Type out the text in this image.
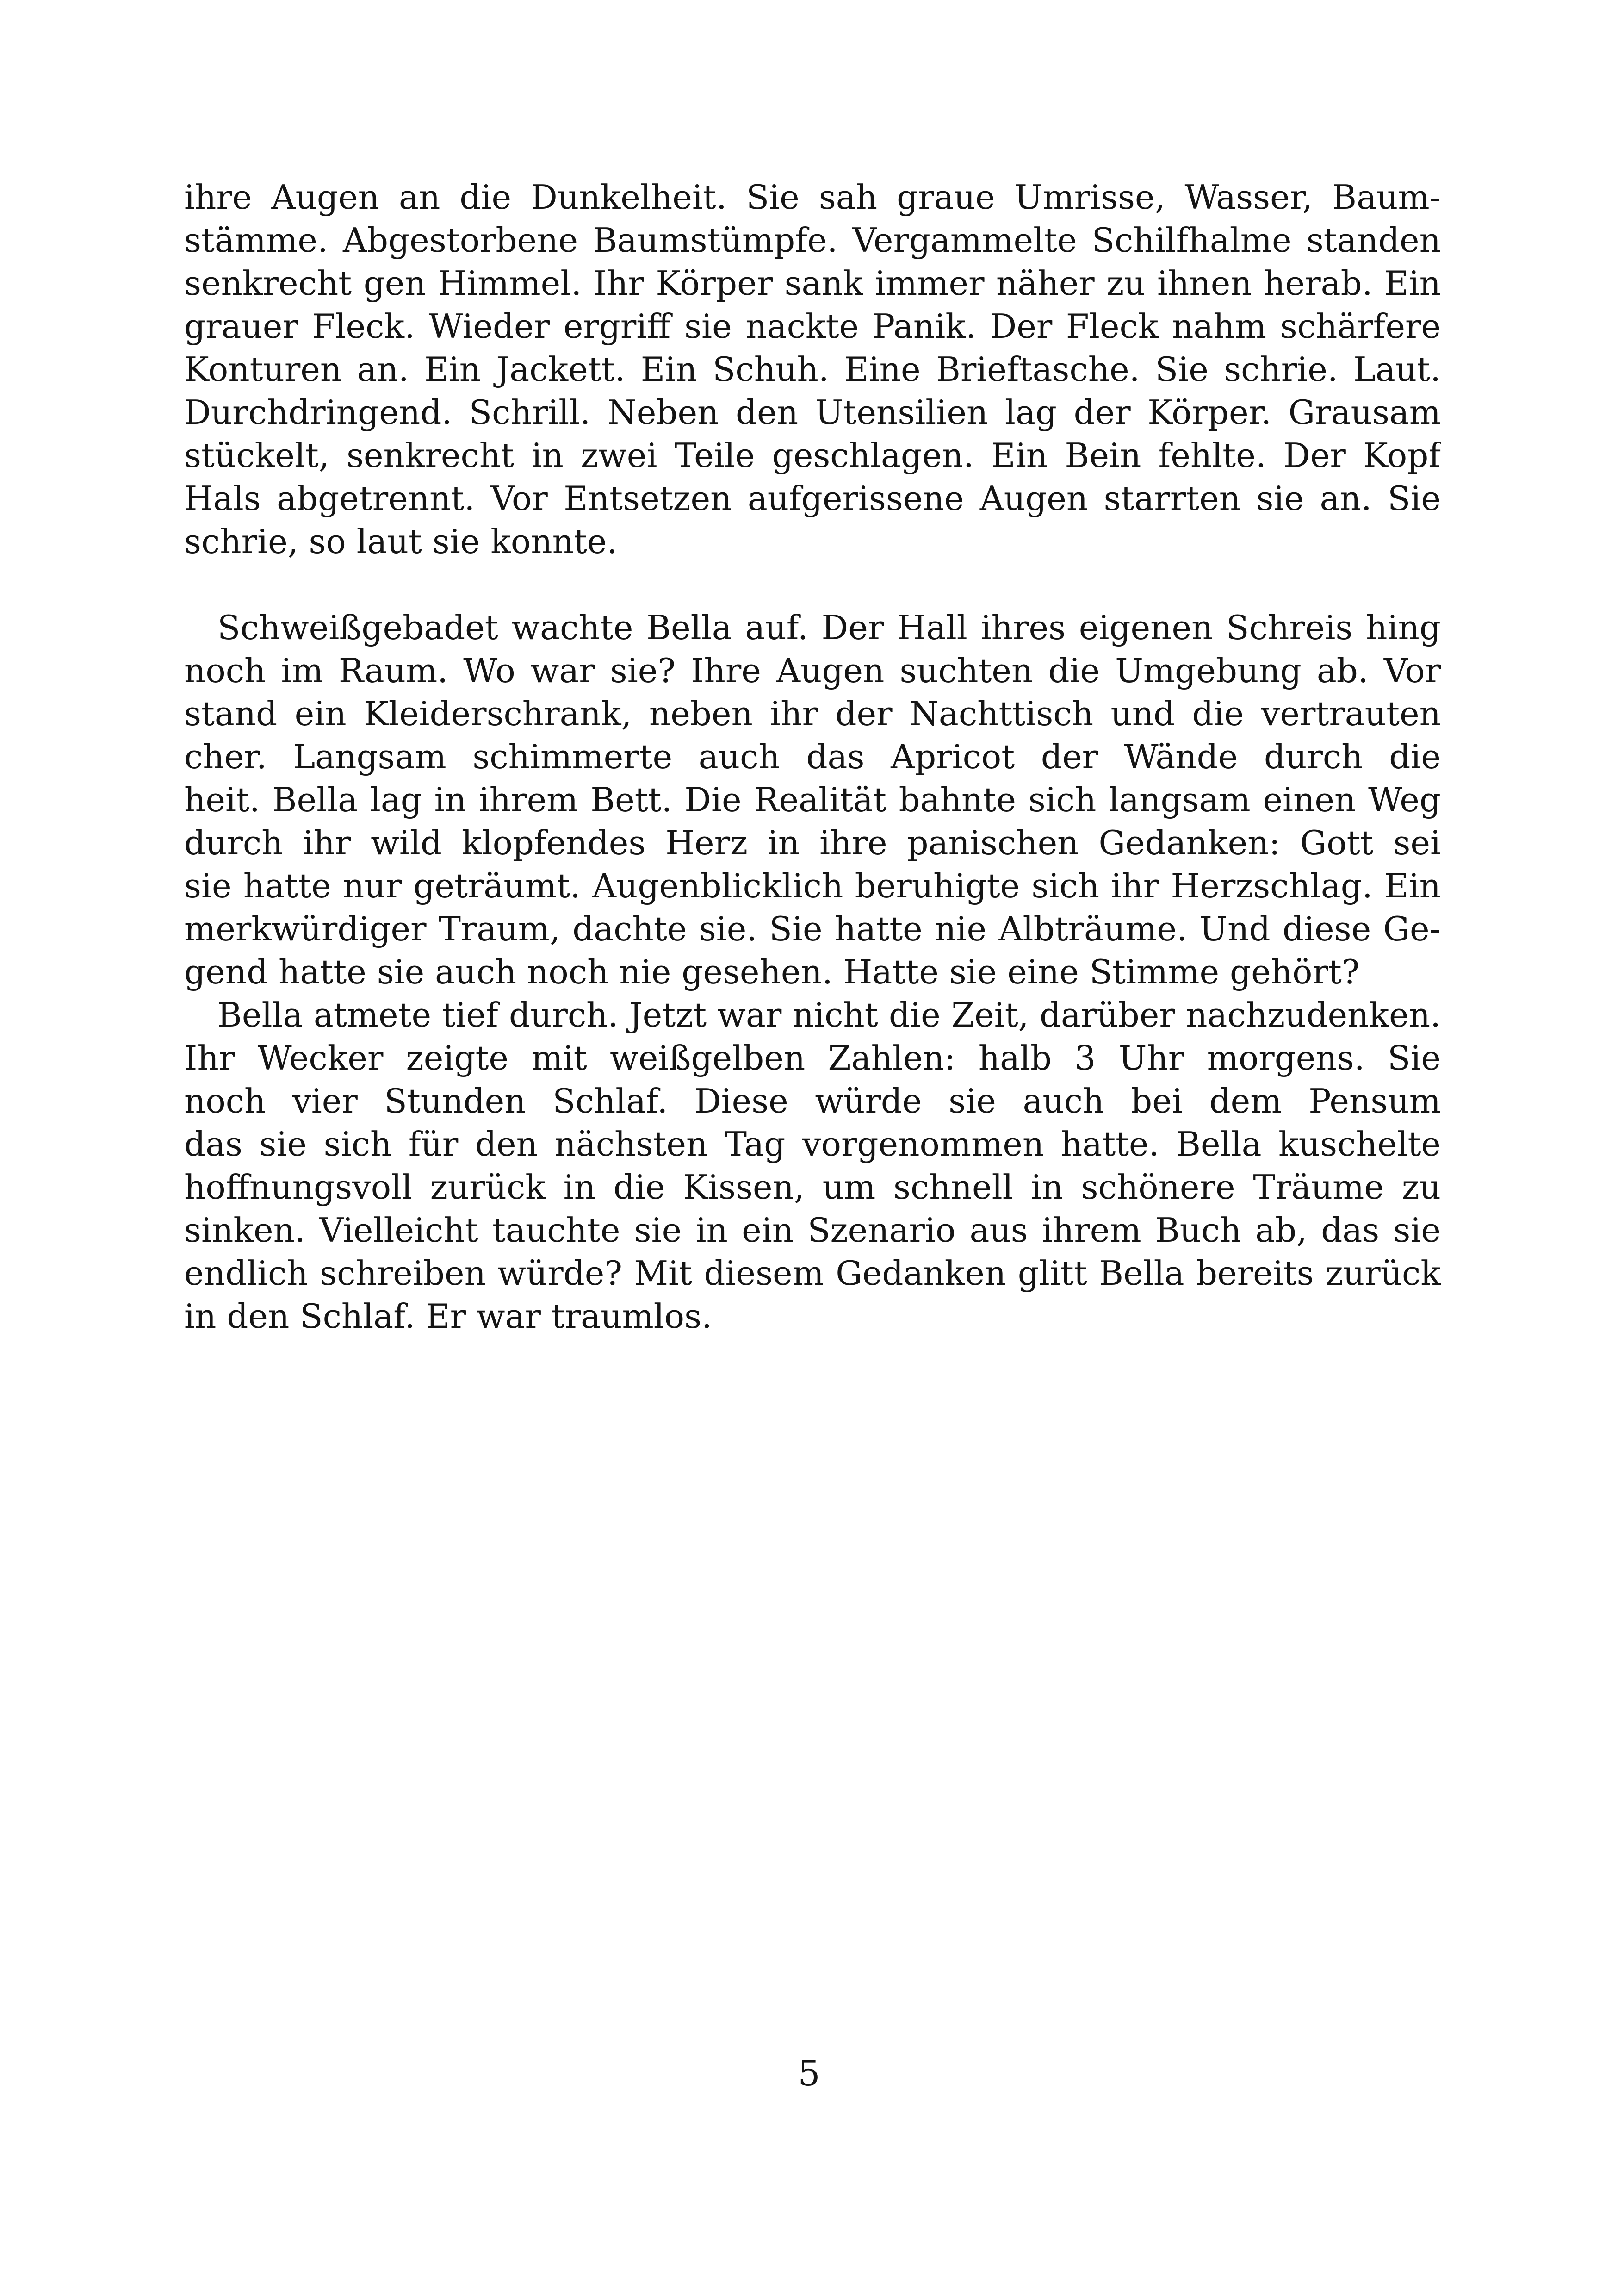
ihre Augen an die Dunkelheit. Sie sah graue Umrisse, Wasser, Baum-
stämme. Abgestorbene Baumstümpfe. Vergammelte Schilfhalme standen
senkrecht gen Himmel. Ihr Körper sank immer näher zu ihnen herab. Ein
grauer Fleck. Wieder ergriff sie nackte Panik. Der Fleck nahm schärfere
Konturen an. Ein Jackett. Ein Schuh. Eine Brieftasche. Sie schrie. Laut.
Durchdringend. Schrill. Neben den Utensilien lag der Körper. Grausam
stückelt, senkrecht in zwei Teile geschlagen. Ein Bein fehlte. Der Kopf
Hals abgetrennt. Vor Entsetzen aufgerissene Augen starrten sie an. Sie
schrie, so laut sie konnte.
Schweißgebadet wachte Bella auf. Der Hall ihres eigenen Schreis hing
noch im Raum. Wo war sie? Ihre Augen suchten die Umgebung ab. Vor
stand ein Kleiderschrank, neben ihr der Nachttisch und die vertrauten
cher. Langsam schimmerte auch das Apricot der Wände durch die
heit. Bella lag in ihrem Bett. Die Realität bahnte sich langsam einen Weg
durch ihr wild klopfendes Herz in ihre panischen Gedanken: Gott sei
sie hatte nur geträumt. Augenblicklich beruhigte sich ihr Herzschlag. Ein
merkwürdiger Traum, dachte sie. Sie hatte nie Albträume. Und diese Ge-
gend hatte sie auch noch nie gesehen. Hatte sie eine Stimme gehört?
Bella atmete tief durch. Jetzt war nicht die Zeit, darüber nachzudenken.
Ihr Wecker zeigte mit weißgelben Zahlen: halb 3 Uhr morgens. Sie
noch vier Stunden Schlaf. Diese würde sie auch bei dem Pensum
das sie sich für den nächsten Tag vorgenommen hatte. Bella kuschelte
hoffnungsvoll zurück in die Kissen, um schnell in schönere Träume zu
sinken. Vielleicht tauchte sie in ein Szenario aus ihrem Buch ab, das sie
endlich schreiben würde? Mit diesem Gedanken glitt Bella bereits zurück
in den Schlaf. Er war traumlos.
5
